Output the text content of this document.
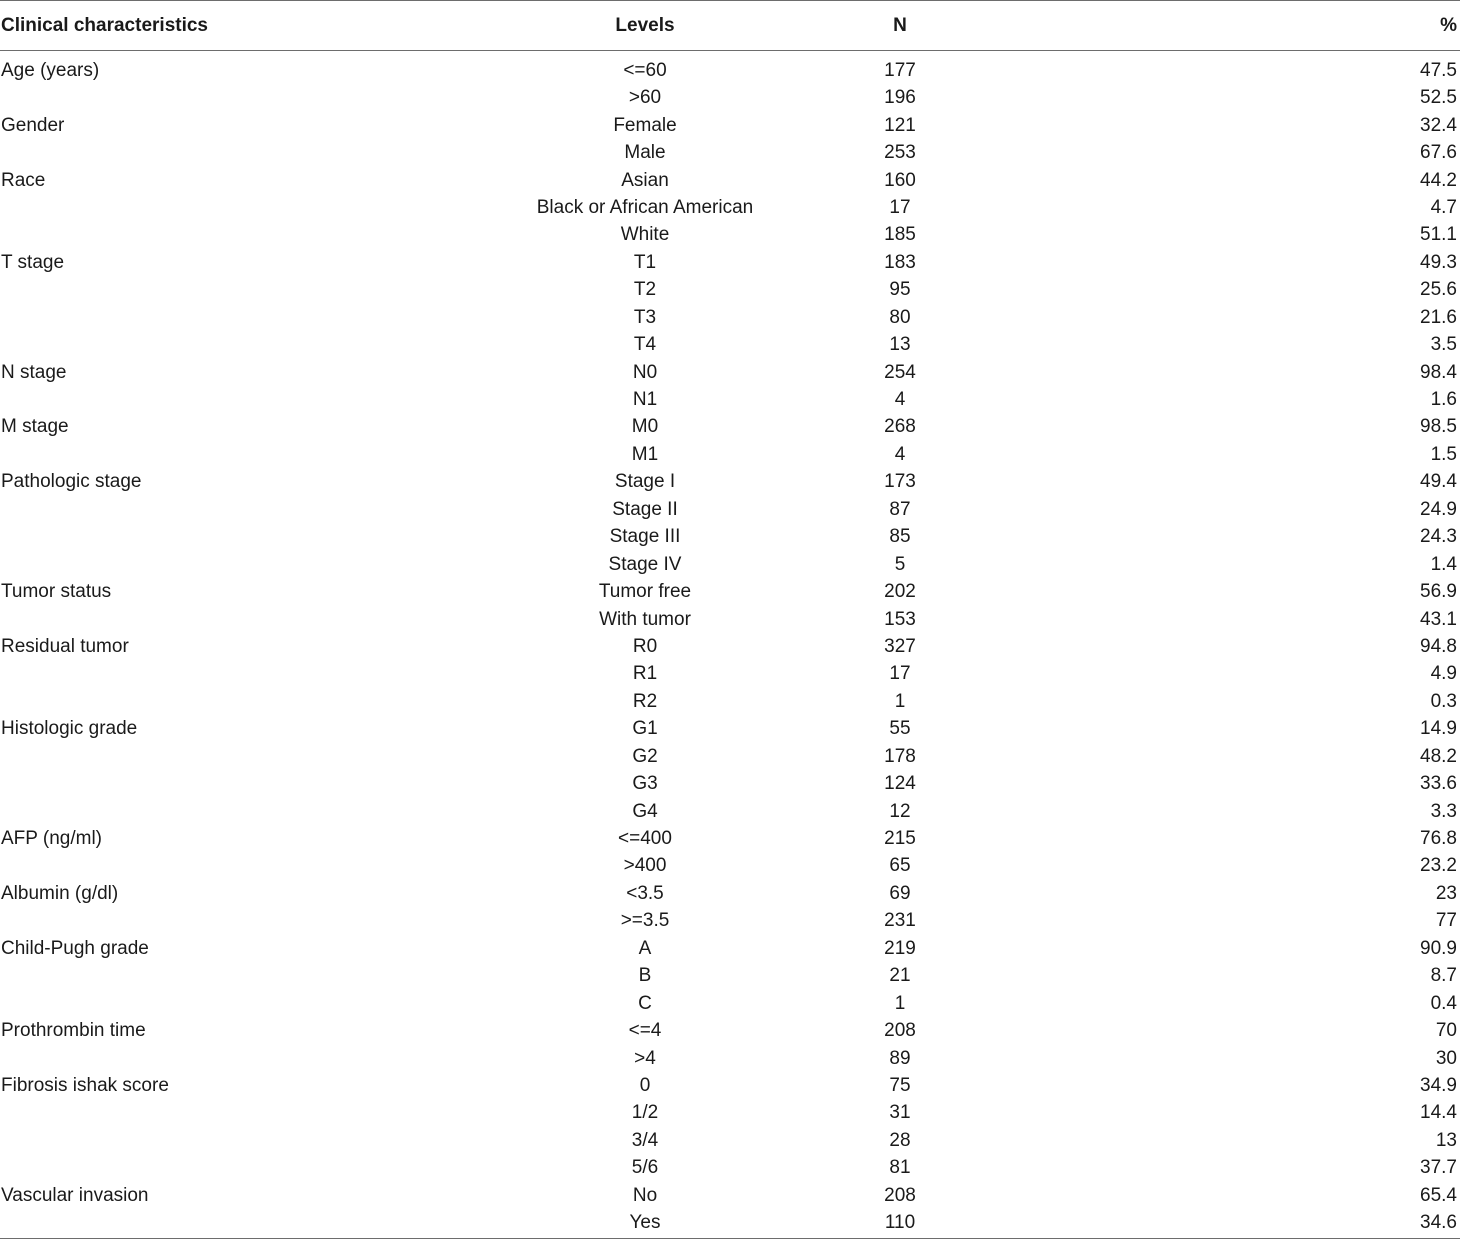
Clinical characteristics	Levels	N	%
Age (years)	<=60	177	47.5
	>60	196	52.5
Gender	Female	121	32.4
	Male	253	67.6
Race	Asian	160	44.2
	Black or African American	17	4.7
	White	185	51.1
T stage	T1	183	49.3
	T2	95	25.6
	T3	80	21.6
	T4	13	3.5
N stage	N0	254	98.4
	N1	4	1.6
M stage	M0	268	98.5
	M1	4	1.5
Pathologic stage	Stage I	173	49.4
	Stage II	87	24.9
	Stage III	85	24.3
	Stage IV	5	1.4
Tumor status	Tumor free	202	56.9
	With tumor	153	43.1
Residual tumor	R0	327	94.8
	R1	17	4.9
	R2	1	0.3
Histologic grade	G1	55	14.9
	G2	178	48.2
	G3	124	33.6
	G4	12	3.3
AFP (ng/ml)	<=400	215	76.8
	>400	65	23.2
Albumin (g/dl)	<3.5	69	23
	>=3.5	231	77
Child-Pugh grade	A	219	90.9
	B	21	8.7
	C	1	0.4
Prothrombin time	<=4	208	70
	>4	89	30
Fibrosis ishak score	0	75	34.9
	1/2	31	14.4
	3/4	28	13
	5/6	81	37.7
Vascular invasion	No	208	65.4
	Yes	110	34.6
